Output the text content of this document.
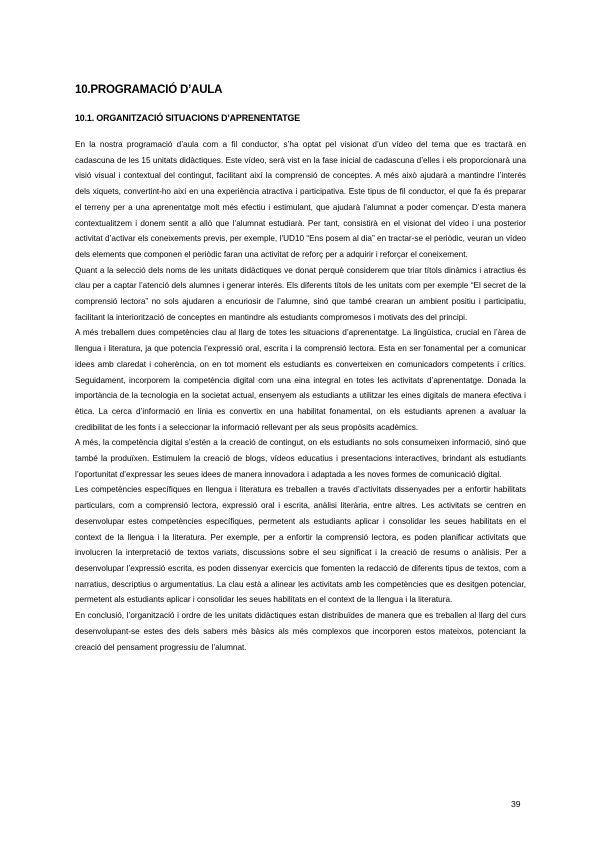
10.PROGRAMACIÓ D’AULA
10.1. ORGANITZACIÓ SITUACIONS D’APRENENTATGE

En la nostra programació d’aula com a fil conductor, s’ha optat pel visionat d’un vídeo del tema que es tractarà en cadascuna de les 15 unitats didàctiques. Este vídeo, serà vist en la fase inicial de cadascuna d’elles i els proporcionarà una visió visual i contextual del contingut, facilitant així la comprensió de conceptes. A més això ajudarà a mantindre l’interés dels xiquets, convertint-ho així en una experiència atractiva i participativa. Este tipus de fil conductor, el que fa és preparar el terreny per a una aprenentatge molt més efectiu i estimulant, que ajudarà l’alumnat a poder començar. D’esta manera contextualitzem i donem sentit a allò que l’alumnat estudiarà. Per tant, consistirà en el visionat del vídeo i una posterior activitat d’activar els coneixements previs, per exemple, l’UD10 “Ens posem al dia” en tractar-se el periòdic, veuran un vídeo dels elements que componen el periòdic faran una activitat de reforç per a adquirir i reforçar el coneixement.

Quant a la selecció dels noms de les unitats didàctiques ve donat perquè considerem que triar títols dinàmics i atractius és clau per a captar l’atenció dels alumnes i generar interés. Els diferents títols de les unitats com per exemple “El secret de la comprensió lectora” no sols ajudaren a encuriosir de l’alumne, sinó que també crearan un ambient positiu i participatiu, facilitant la interiorització de conceptes en mantindre als estudiants compromesos i motivats des del principi.

A més treballem dues competències clau al llarg de totes les situacions d’aprenentatge. La lingüística, crucial en l’àrea de llengua i literatura, ja que potencia l’expressió oral, escrita i la comprensió lectora. Esta en ser fonamental per a comunicar idees amb claredat i coherència, on en tot moment els estudiants es converteixen en comunicadors competents i crítics. Seguidament, incorporem la competència digital com una eina integral en totes les activitats d’aprenentatge. Donada la importància de la tecnologia en la societat actual, ensenyem als estudiants a utilitzar les eines digitals de manera efectiva i ètica. La cerca d’informació en línia es convertix en una habilitat fonamental, on els estudiants aprenen a avaluar la credibilitat de les fonts i a seleccionar la informació rellevant per als seus propòsits acadèmics.

A més, la competència digital s’estén a la creació de contingut, on els estudiants no sols consumeixen informació, sinó que també la produïxen. Estimulem la creació de blogs, vídeos educatius i presentacions interactives, brindant als estudiants l’oportunitat d’expressar les seues idees de manera innovadora i adaptada a les noves formes de comunicació digital.

Les competències específiques en llengua i literatura es treballen a través d’activitats dissenyades per a enfortir habilitats particulars, com a comprensió lectora, expressió oral i escrita, anàlisi literària, entre altres. Les activitats se centren en desenvolupar estes competències específiques, permetent als estudiants aplicar i consolidar les seues habilitats en el context de la llengua i la literatura. Per exemple, per a enfortir la comprensió lectora, es poden planificar activitats que involucren la interpretació de textos variats, discussions sobre el seu significat i la creació de resums o anàlisis. Per a desenvolupar l’expressió escrita, es poden dissenyar exercicis que fomenten la redacció de diferents tipus de textos, com a narratius, descriptius o argumentatius. La clau està a alinear les activitats amb les competències que es desitgen potenciar, permetent als estudiants aplicar i consolidar les seues habilitats en el context de la llengua i la literatura.

En conclusió, l’organització i ordre de les unitats didàctiques estan distribuïdes de manera que es treballen al llarg del curs desenvolupant-se estes des dels sabers més bàsics als més complexos que incorporen estos mateixos, potenciant la creació del pensament progressiu de l’alumnat.

39
